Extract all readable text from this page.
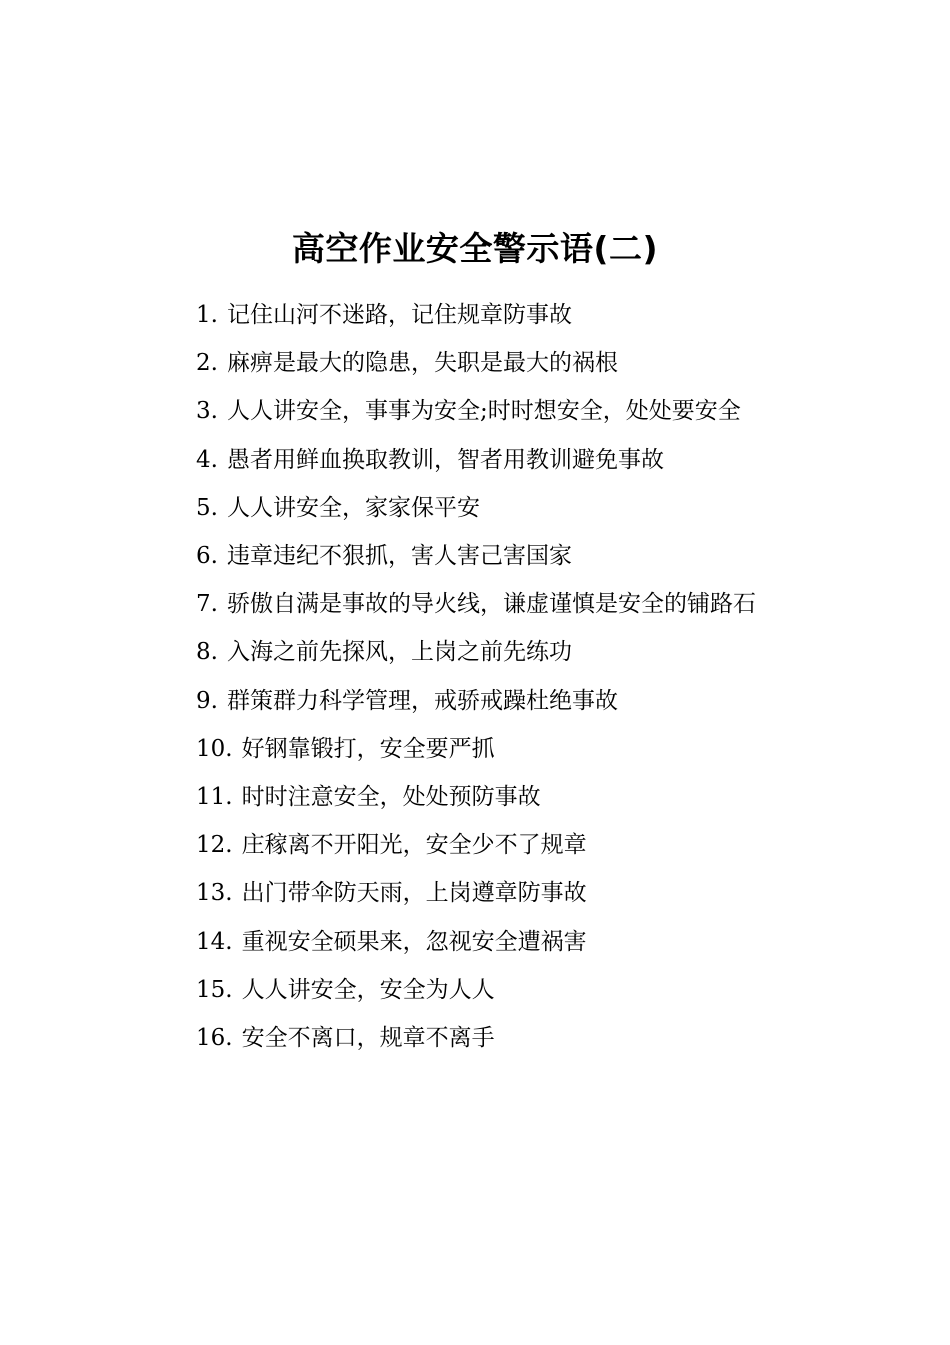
高空作业安全警示语(二)
1. 记住山河不迷路，记住规章防事故
2. 麻痹是最大的隐患，失职是最大的祸根
3. 人人讲安全，事事为安全;时时想安全，处处要安全
4. 愚者用鲜血换取教训，智者用教训避免事故
5. 人人讲安全，家家保平安
6. 违章违纪不狠抓，害人害己害国家
7. 骄傲自满是事故的导火线，谦虚谨慎是安全的铺路石
8. 入海之前先探风，上岗之前先练功
9. 群策群力科学管理，戒骄戒躁杜绝事故
10. 好钢靠锻打，安全要严抓
11. 时时注意安全，处处预防事故
12. 庄稼离不开阳光，安全少不了规章
13. 出门带伞防天雨，上岗遵章防事故
14. 重视安全硕果来，忽视安全遭祸害
15. 人人讲安全，安全为人人
16. 安全不离口，规章不离手
